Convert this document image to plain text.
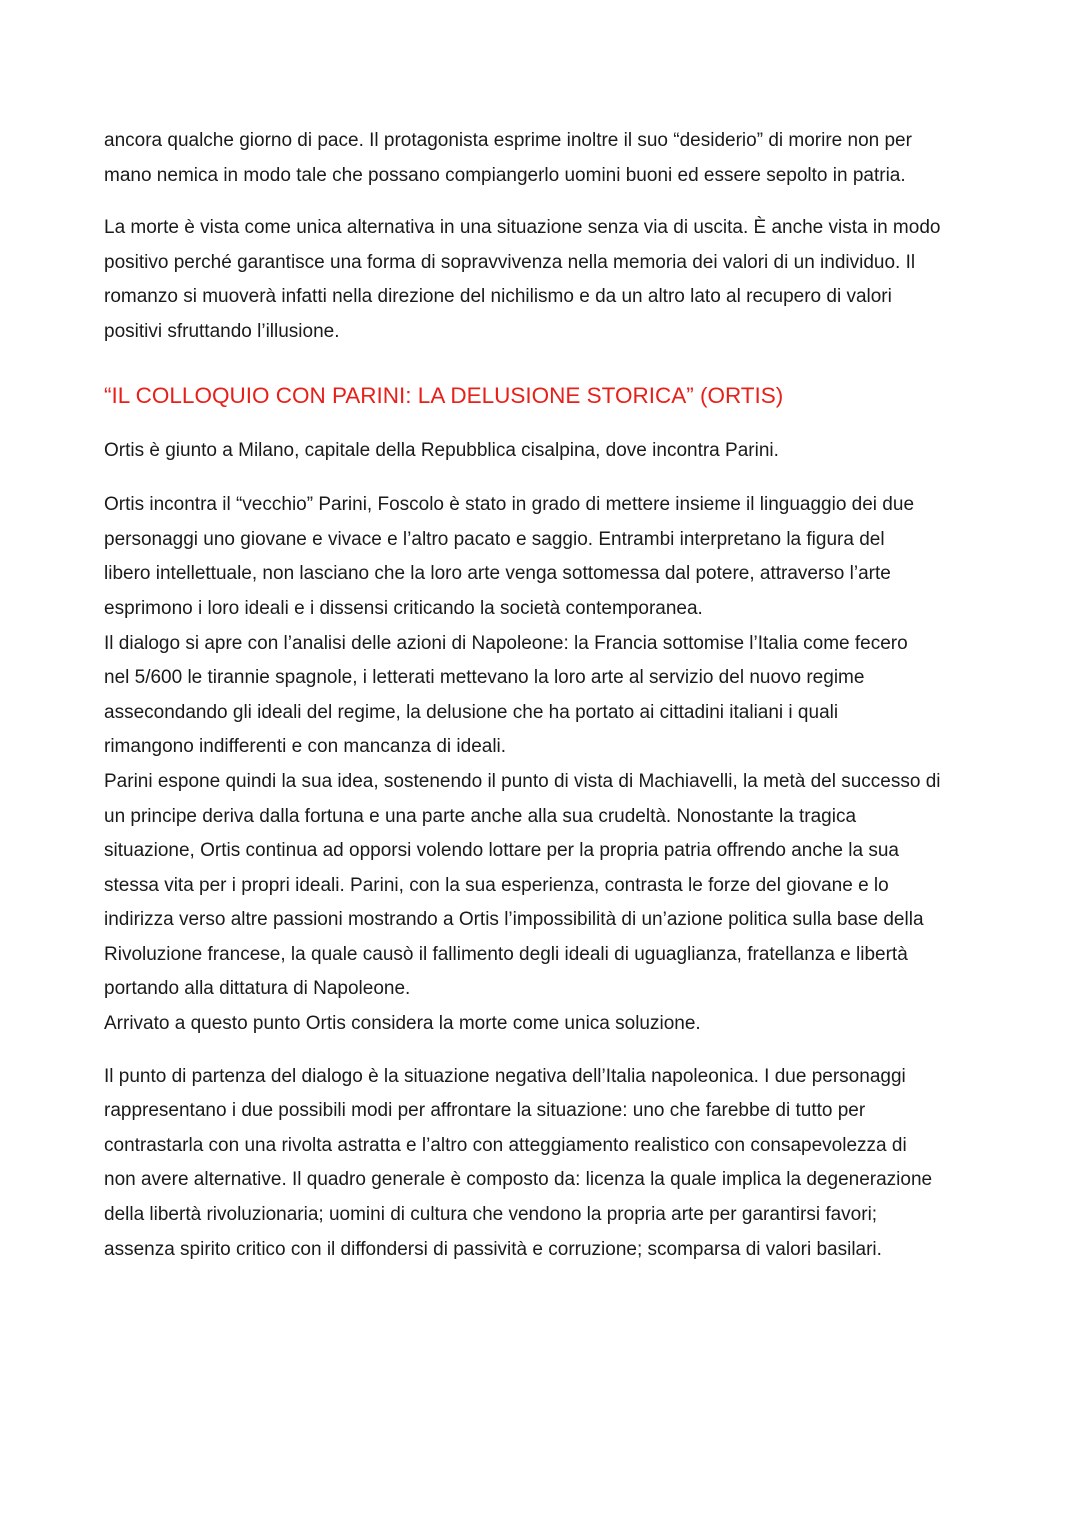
ancora qualche giorno di pace. Il protagonista esprime inoltre il suo “desiderio” di morire non per
mano nemica in modo tale che possano compiangerlo uomini buoni ed essere sepolto in patria.

La morte è vista come unica alternativa in una situazione senza via di uscita. È anche vista in modo
positivo perché garantisce una forma di sopravvivenza nella memoria dei valori di un individuo. Il
romanzo si muoverà infatti nella direzione del nichilismo e da un altro lato al recupero di valori
positivi sfruttando l’illusione.

“IL COLLOQUIO CON PARINI: LA DELUSIONE STORICA” (ORTIS)

Ortis è giunto a Milano, capitale della Repubblica cisalpina, dove incontra Parini.

Ortis incontra il “vecchio” Parini, Foscolo è stato in grado di mettere insieme il linguaggio dei due
personaggi uno giovane e vivace e l’altro pacato e saggio. Entrambi interpretano la figura del
libero intellettuale, non lasciano che la loro arte venga sottomessa dal potere, attraverso l’arte
esprimono i loro ideali e i dissensi criticando la società contemporanea.
Il dialogo si apre con l’analisi delle azioni di Napoleone: la Francia sottomise l’Italia come fecero
nel 5/600 le tirannie spagnole, i letterati mettevano la loro arte al servizio del nuovo regime
assecondando gli ideali del regime, la delusione che ha portato ai cittadini italiani i quali
rimangono indifferenti e con mancanza di ideali.
Parini espone quindi la sua idea, sostenendo il punto di vista di Machiavelli, la metà del successo di
un principe deriva dalla fortuna e una parte anche alla sua crudeltà. Nonostante la tragica
situazione, Ortis continua ad opporsi volendo lottare per la propria patria offrendo anche la sua
stessa vita per i propri ideali. Parini, con la sua esperienza, contrasta le forze del giovane e lo
indirizza verso altre passioni mostrando a Ortis l’impossibilità di un’azione politica sulla base della
Rivoluzione francese, la quale causò il fallimento degli ideali di uguaglianza, fratellanza e libertà
portando alla dittatura di Napoleone.
Arrivato a questo punto Ortis considera la morte come unica soluzione.

Il punto di partenza del dialogo è la situazione negativa dell’Italia napoleonica. I due personaggi
rappresentano i due possibili modi per affrontare la situazione: uno che farebbe di tutto per
contrastarla con una rivolta astratta e l’altro con atteggiamento realistico con consapevolezza di
non avere alternative. Il quadro generale è composto da: licenza la quale implica la degenerazione
della libertà rivoluzionaria; uomini di cultura che vendono la propria arte per garantirsi favori;
assenza spirito critico con il diffondersi di passività e corruzione; scomparsa di valori basilari.
